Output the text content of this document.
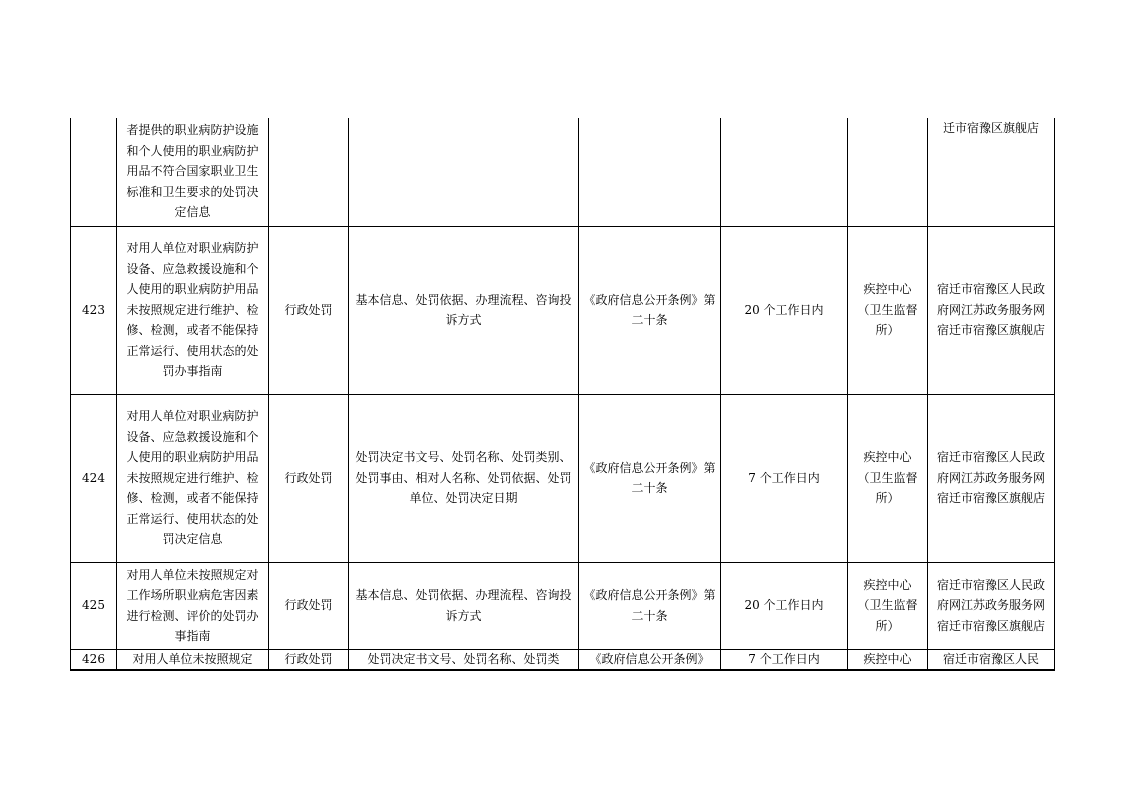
	者提供的职业病防护设施和个人使用的职业病防护用品不符合国家职业卫生标准和卫生要求的处罚决定信息						迁市宿豫区旗舰店
423	对用人单位对职业病防护设备、应急救援设施和个人使用的职业病防护用品未按照规定进行维护、检修、检测，或者不能保持正常运行、使用状态的处罚办事指南	行政处罚	基本信息、处罚依据、办理流程、咨询投诉方式	《政府信息公开条例》第二十条	20 个工作日内	疾控中心（卫生监督所）	宿迁市宿豫区人民政府网江苏政务服务网宿迁市宿豫区旗舰店
424	对用人单位对职业病防护设备、应急救援设施和个人使用的职业病防护用品未按照规定进行维护、检修、检测，或者不能保持正常运行、使用状态的处罚决定信息	行政处罚	处罚决定书文号、处罚名称、处罚类别、处罚事由、相对人名称、处罚依据、处罚单位、处罚决定日期	《政府信息公开条例》第二十条	7 个工作日内	疾控中心（卫生监督所）	宿迁市宿豫区人民政府网江苏政务服务网宿迁市宿豫区旗舰店
425	对用人单位未按照规定对工作场所职业病危害因素进行检测、评价的处罚办事指南	行政处罚	基本信息、处罚依据、办理流程、咨询投诉方式	《政府信息公开条例》第二十条	20 个工作日内	疾控中心（卫生监督所）	宿迁市宿豫区人民政府网江苏政务服务网宿迁市宿豫区旗舰店
426	对用人单位未按照规定	行政处罚	处罚决定书文号、处罚名称、处罚类	《政府信息公开条例》	7 个工作日内	疾控中心	宿迁市宿豫区人民
